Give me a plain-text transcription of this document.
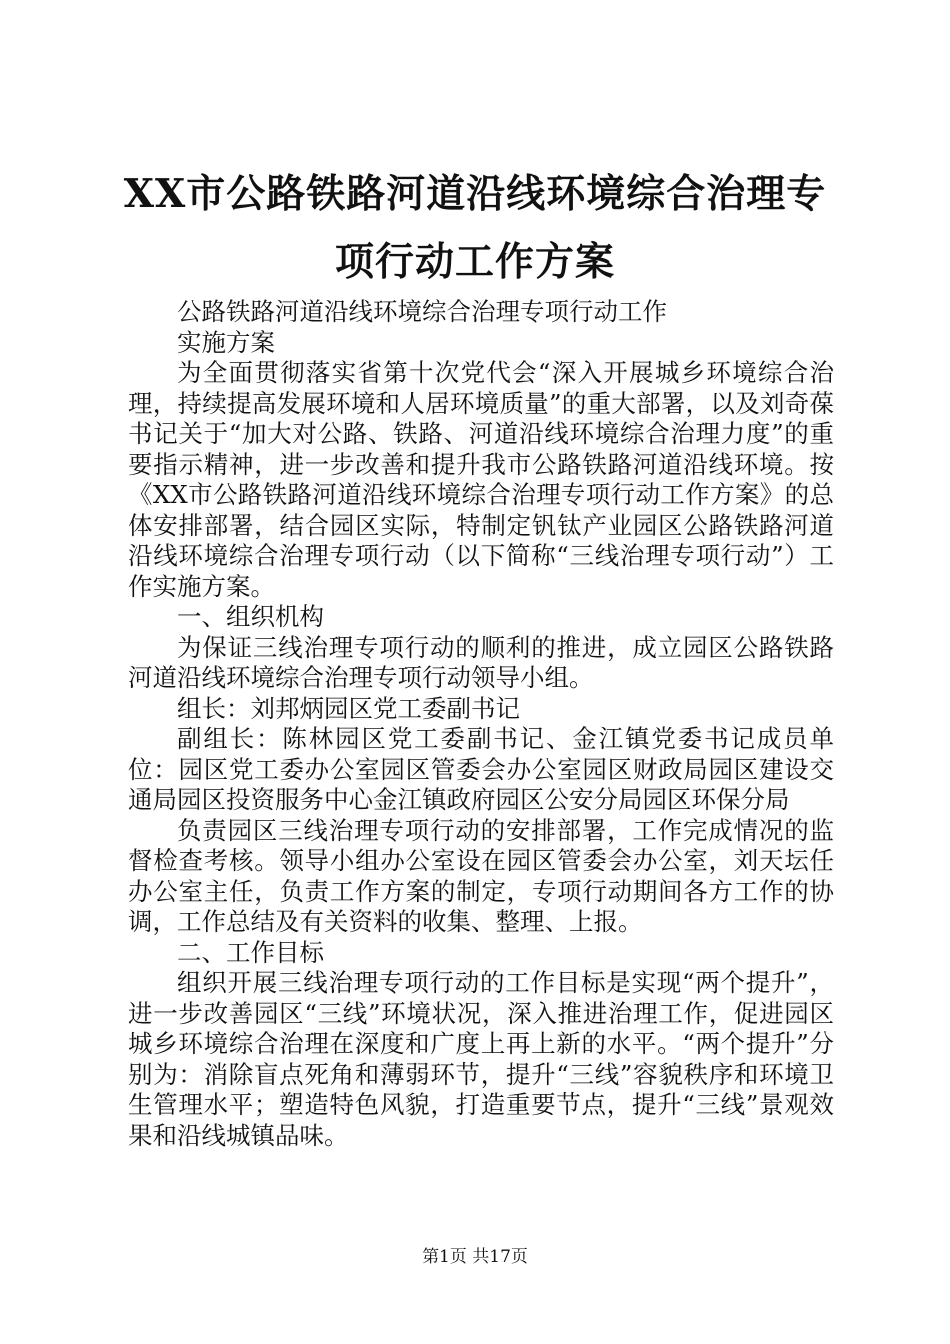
XX市公路铁路河道沿线环境综合治理专项行动工作方案

公路铁路河道沿线环境综合治理专项行动工作

实施方案

为全面贯彻落实省第十次党代会“深入开展城乡环境综合治理，持续提高发展环境和人居环境质量”的重大部署，以及刘奇葆书记关于“加大对公路、铁路、河道沿线环境综合治理力度”的重要指示精神，进一步改善和提升我市公路铁路河道沿线环境。按《XX市公路铁路河道沿线环境综合治理专项行动工作方案》的总体安排部署，结合园区实际，特制定钒钛产业园区公路铁路河道沿线环境综合治理专项行动（以下简称“三线治理专项行动”）工作实施方案。

一、组织机构

为保证三线治理专项行动的顺利的推进，成立园区公路铁路河道沿线环境综合治理专项行动领导小组。

组长：刘邦炳园区党工委副书记

副组长：陈林园区党工委副书记、金江镇党委书记成员单位：园区党工委办公室园区管委会办公室园区财政局园区建设交通局园区投资服务中心金江镇政府园区公安分局园区环保分局

负责园区三线治理专项行动的安排部署，工作完成情况的监督检查考核。领导小组办公室设在园区管委会办公室，刘天坛任办公室主任，负责工作方案的制定，专项行动期间各方工作的协调，工作总结及有关资料的收集、整理、上报。

二、工作目标

组织开展三线治理专项行动的工作目标是实现“两个提升”，进一步改善园区“三线”环境状况，深入推进治理工作，促进园区城乡环境综合治理在深度和广度上再上新的水平。“两个提升”分别为：消除盲点死角和薄弱环节，提升“三线”容貌秩序和环境卫生管理水平；塑造特色风貌，打造重要节点，提升“三线”景观效果和沿线城镇品味。

第1页 共17页
